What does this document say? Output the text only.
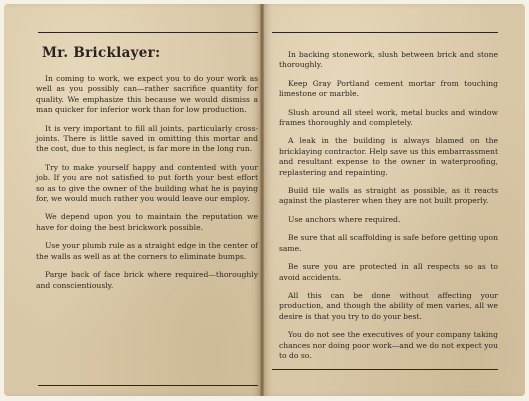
Mr. Bricklayer:

In coming to work, we expect you to do your work as well as you possibly can—rather sacrifice quantity for quality. We emphasize this because we would dismiss a man quicker for inferior work than for low production.

It is very important to fill all joints, particularly cross-joints. There is little saved in omitting this mortar and the cost, due to this neglect, is far more in the long run.

Try to make yourself happy and contented with your job. If you are not satisfied to put forth your best effort so as to give the owner of the building what he is paying for, we would much rather you would leave our employ.

We depend upon you to maintain the reputation we have for doing the best brickwork possible.

Use your plumb rule as a straight edge in the center of the walls as well as at the corners to eliminate bumps.

Parge back of face brick where required—thoroughly and conscientiously.

In backing stonework, slush between brick and stone thoroughly.

Keep Gray Portland cement mortar from touching limestone or marble.

Slush around all steel work, metal bucks and window frames thoroughly and completely.

A leak in the building is always blamed on the bricklaying contractor. Help save us this embarrassment and resultant expense to the owner in waterproofing, replastering and repainting.

Build tile walls as straight as possible, as it reacts against the plasterer when they are not built properly.

Use anchors where required.

Be sure that all scaffolding is safe before getting upon same.

Be sure you are protected in all respects so as to avoid accidents.

All this can be done without affecting your production, and though the ability of men varies, all we desire is that you try to do your best.

You do not see the executives of your company taking chances nor doing poor work—and we do not expect you to do so.
